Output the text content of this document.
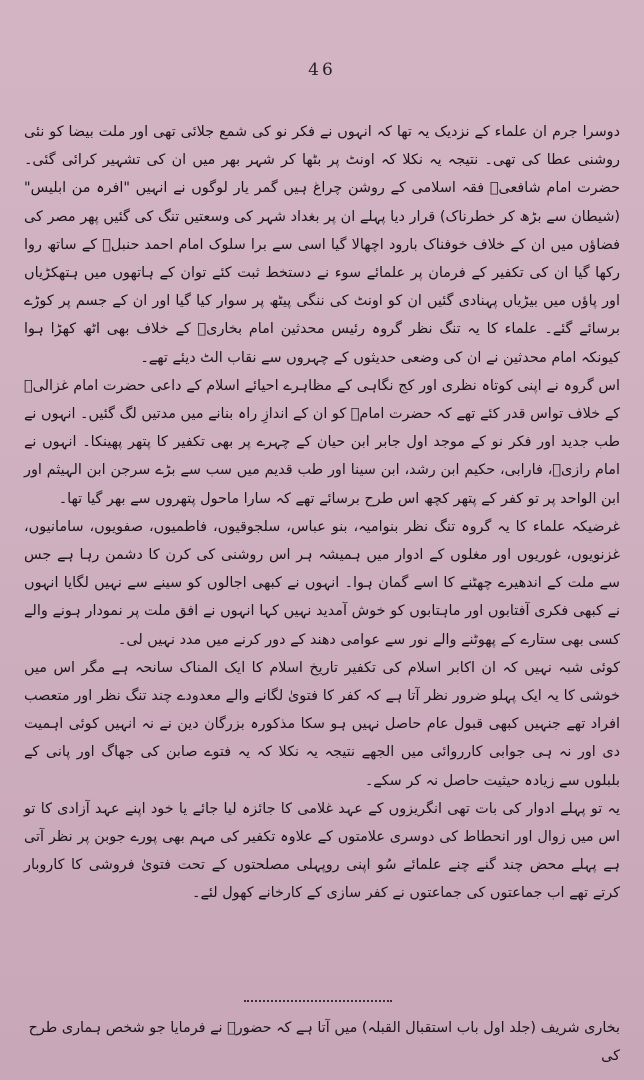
46

دوسرا جرم ان علماء کے نزدیک یہ تھا کہ انہوں نے فکر نو کی شمع جلائی تھی اور ملت بیضا کو نئی روشنی عطا کی تھی۔ نتیجہ یہ نکلا کہ اونٹ پر بٹھا کر شہر بھر میں ان کی تشہیر کرائی گئی۔ حضرت امام شافعیؒ فقہ اسلامی کے روشن چراغ ہیں گمر یار لوگوں نے انہیں "افرہ من ابلیس" (شیطان سے بڑھ کر خطرناک) قرار دیا پہلے ان پر بغداد شہر کی وسعتیں تنگ کی گئیں پھر مصر کی فضاؤں میں ان کے خلاف خوفناک بارود اچھالا گیا اسی سے برا سلوک امام احمد حنبلؒ کے ساتھ روا رکھا گیا ان کی تکفیر کے فرمان پر علمائے سوء نے دستخط ثبت کئے توان کے ہاتھوں میں ہتھکڑیاں اور پاؤں میں بیڑیاں پہنادی گئیں ان کو اونٹ کی ننگی پیٹھ پر سوار کیا گیا اور ان کے جسم پر کوڑے برسائے گئے۔ علماء کا یہ تنگ نظر گروہ رئیس محدثین امام بخاریؒ کے خلاف بھی اٹھ کھڑا ہوا کیونکہ امام محدثین نے ان کی وضعی حدیثوں کے چہروں سے نقاب الٹ دیئے تھے۔

اس گروہ نے اپنی کوتاہ نظری اور کج نگاہی کے مظاہرے احیائے اسلام کے داعی حضرت امام غزالیؒ کے خلاف تواس قدر کئے تھے کہ حضرت امامؒ کو ان کے اندازِ راہ بنانے میں مدتیں لگ گئیں۔ انہوں نے طب جدید اور فکر نو کے موجد اول جابر ابن حیان کے چہرے پر بھی تکفیر کا پتھر پھینکا۔ انہوں نے امام رازیؒ، فارابی، حکیم ابن رشد، ابن سینا اور طب قدیم میں سب سے بڑے سرجن ابن الہیثم اور ابن الواحد پر تو کفر کے پتھر کچھ اس طرح برسائے تھے کہ سارا ماحول پتھروں سے بھر گیا تھا۔

غرضیکہ علماء کا یہ گروہ تنگ نظر بنوامیہ، بنو عباس، سلجوقیوں، فاطمیوں، صفویوں، سامانیوں، غزنویوں، غوریوں اور مغلوں کے ادوار میں ہمیشہ ہر اس روشنی کی کرن کا دشمن رہا ہے جس سے ملت کے اندھیرے چھٹنے کا اسے گمان ہوا۔ انہوں نے کبھی اجالوں کو سینے سے نہیں لگایا انہوں نے کبھی فکری آفتابوں اور ماہتابوں کو خوش آمدید نہیں کہا انہوں نے افق ملت پر نمودار ہونے والے کسی بھی ستارے کے پھوٹنے والے نور سے عوامی دھند کے دور کرنے میں مدد نہیں لی۔

کوئی شبہ نہیں کہ ان اکابر اسلام کی تکفیر تاریخ اسلام کا ایک المناک سانحہ ہے مگر اس میں خوشی کا یہ ایک پہلو ضرور نظر آتا ہے کہ کفر کا فتویٰ لگانے والے معدودے چند تنگ نظر اور متعصب افراد تھے جنہیں کبھی قبول عام حاصل نہیں ہو سکا مذکورہ بزرگان دین نے نہ انہیں کوئی اہمیت دی اور نہ ہی جوابی کارروائی میں الجھے نتیجہ یہ نکلا کہ یہ فتوے صابن کی جھاگ اور پانی کے بلبلوں سے زیادہ حیثیت حاصل نہ کر سکے۔

یہ تو پہلے ادوار کی بات تھی انگریزوں کے عہد غلامی کا جائزہ لیا جائے یا خود اپنے عہد آزادی کا تو اس میں زوال اور انحطاط کی دوسری علامتوں کے علاوہ تکفیر کی مہم بھی پورے جوبن پر نظر آتی ہے پہلے محض چند گنے چنے علمائے سُو اپنی روپہلی مصلحتوں کے تحت فتویٰ فروشی کا کاروبار کرتے تھے اب جماعتوں کی جماعتوں نے کفر سازی کے کارخانے کھول لئے۔

بخاری شریف (جلد اول باب استقبال القبلہ) میں آتا ہے کہ حضورؐ نے فرمایا جو شخص ہماری طرح کی
